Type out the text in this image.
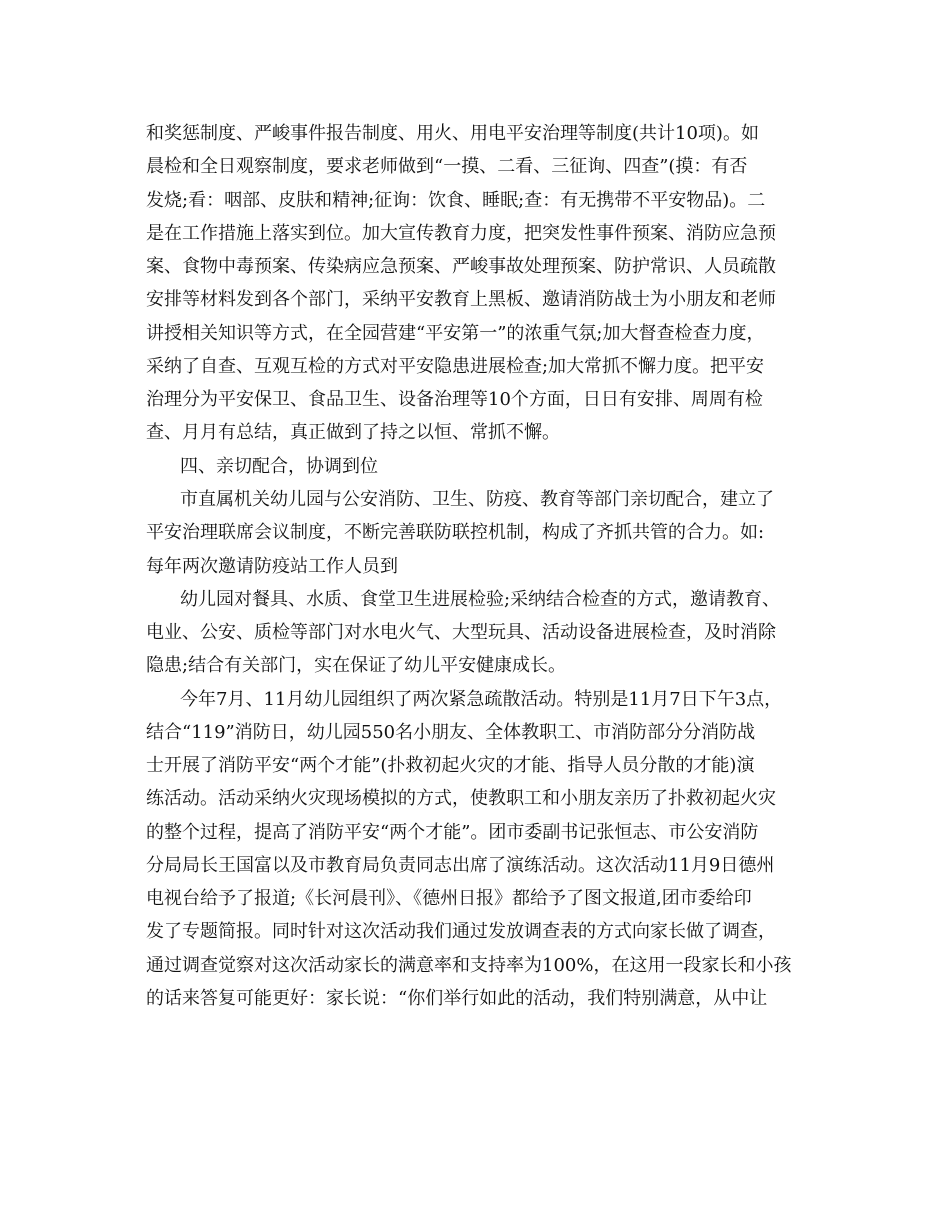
和奖惩制度、严峻事件报告制度、用火、用电平安治理等制度(共计10项)。如
晨检和全日观察制度，要求老师做到“一摸、二看、三征询、四查”(摸：有否
发烧;看：咽部、皮肤和精神;征询：饮食、睡眠;查：有无携带不平安物品)。二
是在工作措施上落实到位。加大宣传教育力度，把突发性事件预案、消防应急预
案、食物中毒预案、传染病应急预案、严峻事故处理预案、防护常识、人员疏散
安排等材料发到各个部门，采纳平安教育上黑板、邀请消防战士为小朋友和老师
讲授相关知识等方式，在全园营建“平安第一”的浓重气氛;加大督查检查力度，
采纳了自查、互观互检的方式对平安隐患进展检查;加大常抓不懈力度。把平安
治理分为平安保卫、食品卫生、设备治理等10个方面，日日有安排、周周有检
查、月月有总结，真正做到了持之以恒、常抓不懈。
四、亲切配合，协调到位
市直属机关幼儿园与公安消防、卫生、防疫、教育等部门亲切配合，建立了
平安治理联席会议制度，不断完善联防联控机制，构成了齐抓共管的合力。如:
每年两次邀请防疫站工作人员到
幼儿园对餐具、水质、食堂卫生进展检验;采纳结合检查的方式，邀请教育、
电业、公安、质检等部门对水电火气、大型玩具、活动设备进展检查，及时消除
隐患;结合有关部门，实在保证了幼儿平安健康成长。
今年7月、11月幼儿园组织了两次紧急疏散活动。特别是11月7日下午3点，
结合“119”消防日，幼儿园550名小朋友、全体教职工、市消防部分分消防战
士开展了消防平安“两个才能”(扑救初起火灾的才能、指导人员分散的才能)演
练活动。活动采纳火灾现场模拟的方式，使教职工和小朋友亲历了扑救初起火灾
的整个过程，提高了消防平安“两个才能”。团市委副书记张恒志、市公安消防
分局局长王国富以及市教育局负责同志出席了演练活动。这次活动11月9日德州
电视台给予了报道;《长河晨刊》、《德州日报》都给予了图文报道,团市委给印
发了专题简报。同时针对这次活动我们通过发放调查表的方式向家长做了调查，
通过调查觉察对这次活动家长的满意率和支持率为100%，在这用一段家长和小孩
的话来答复可能更好：家长说：“你们举行如此的活动，我们特别满意，从中让
